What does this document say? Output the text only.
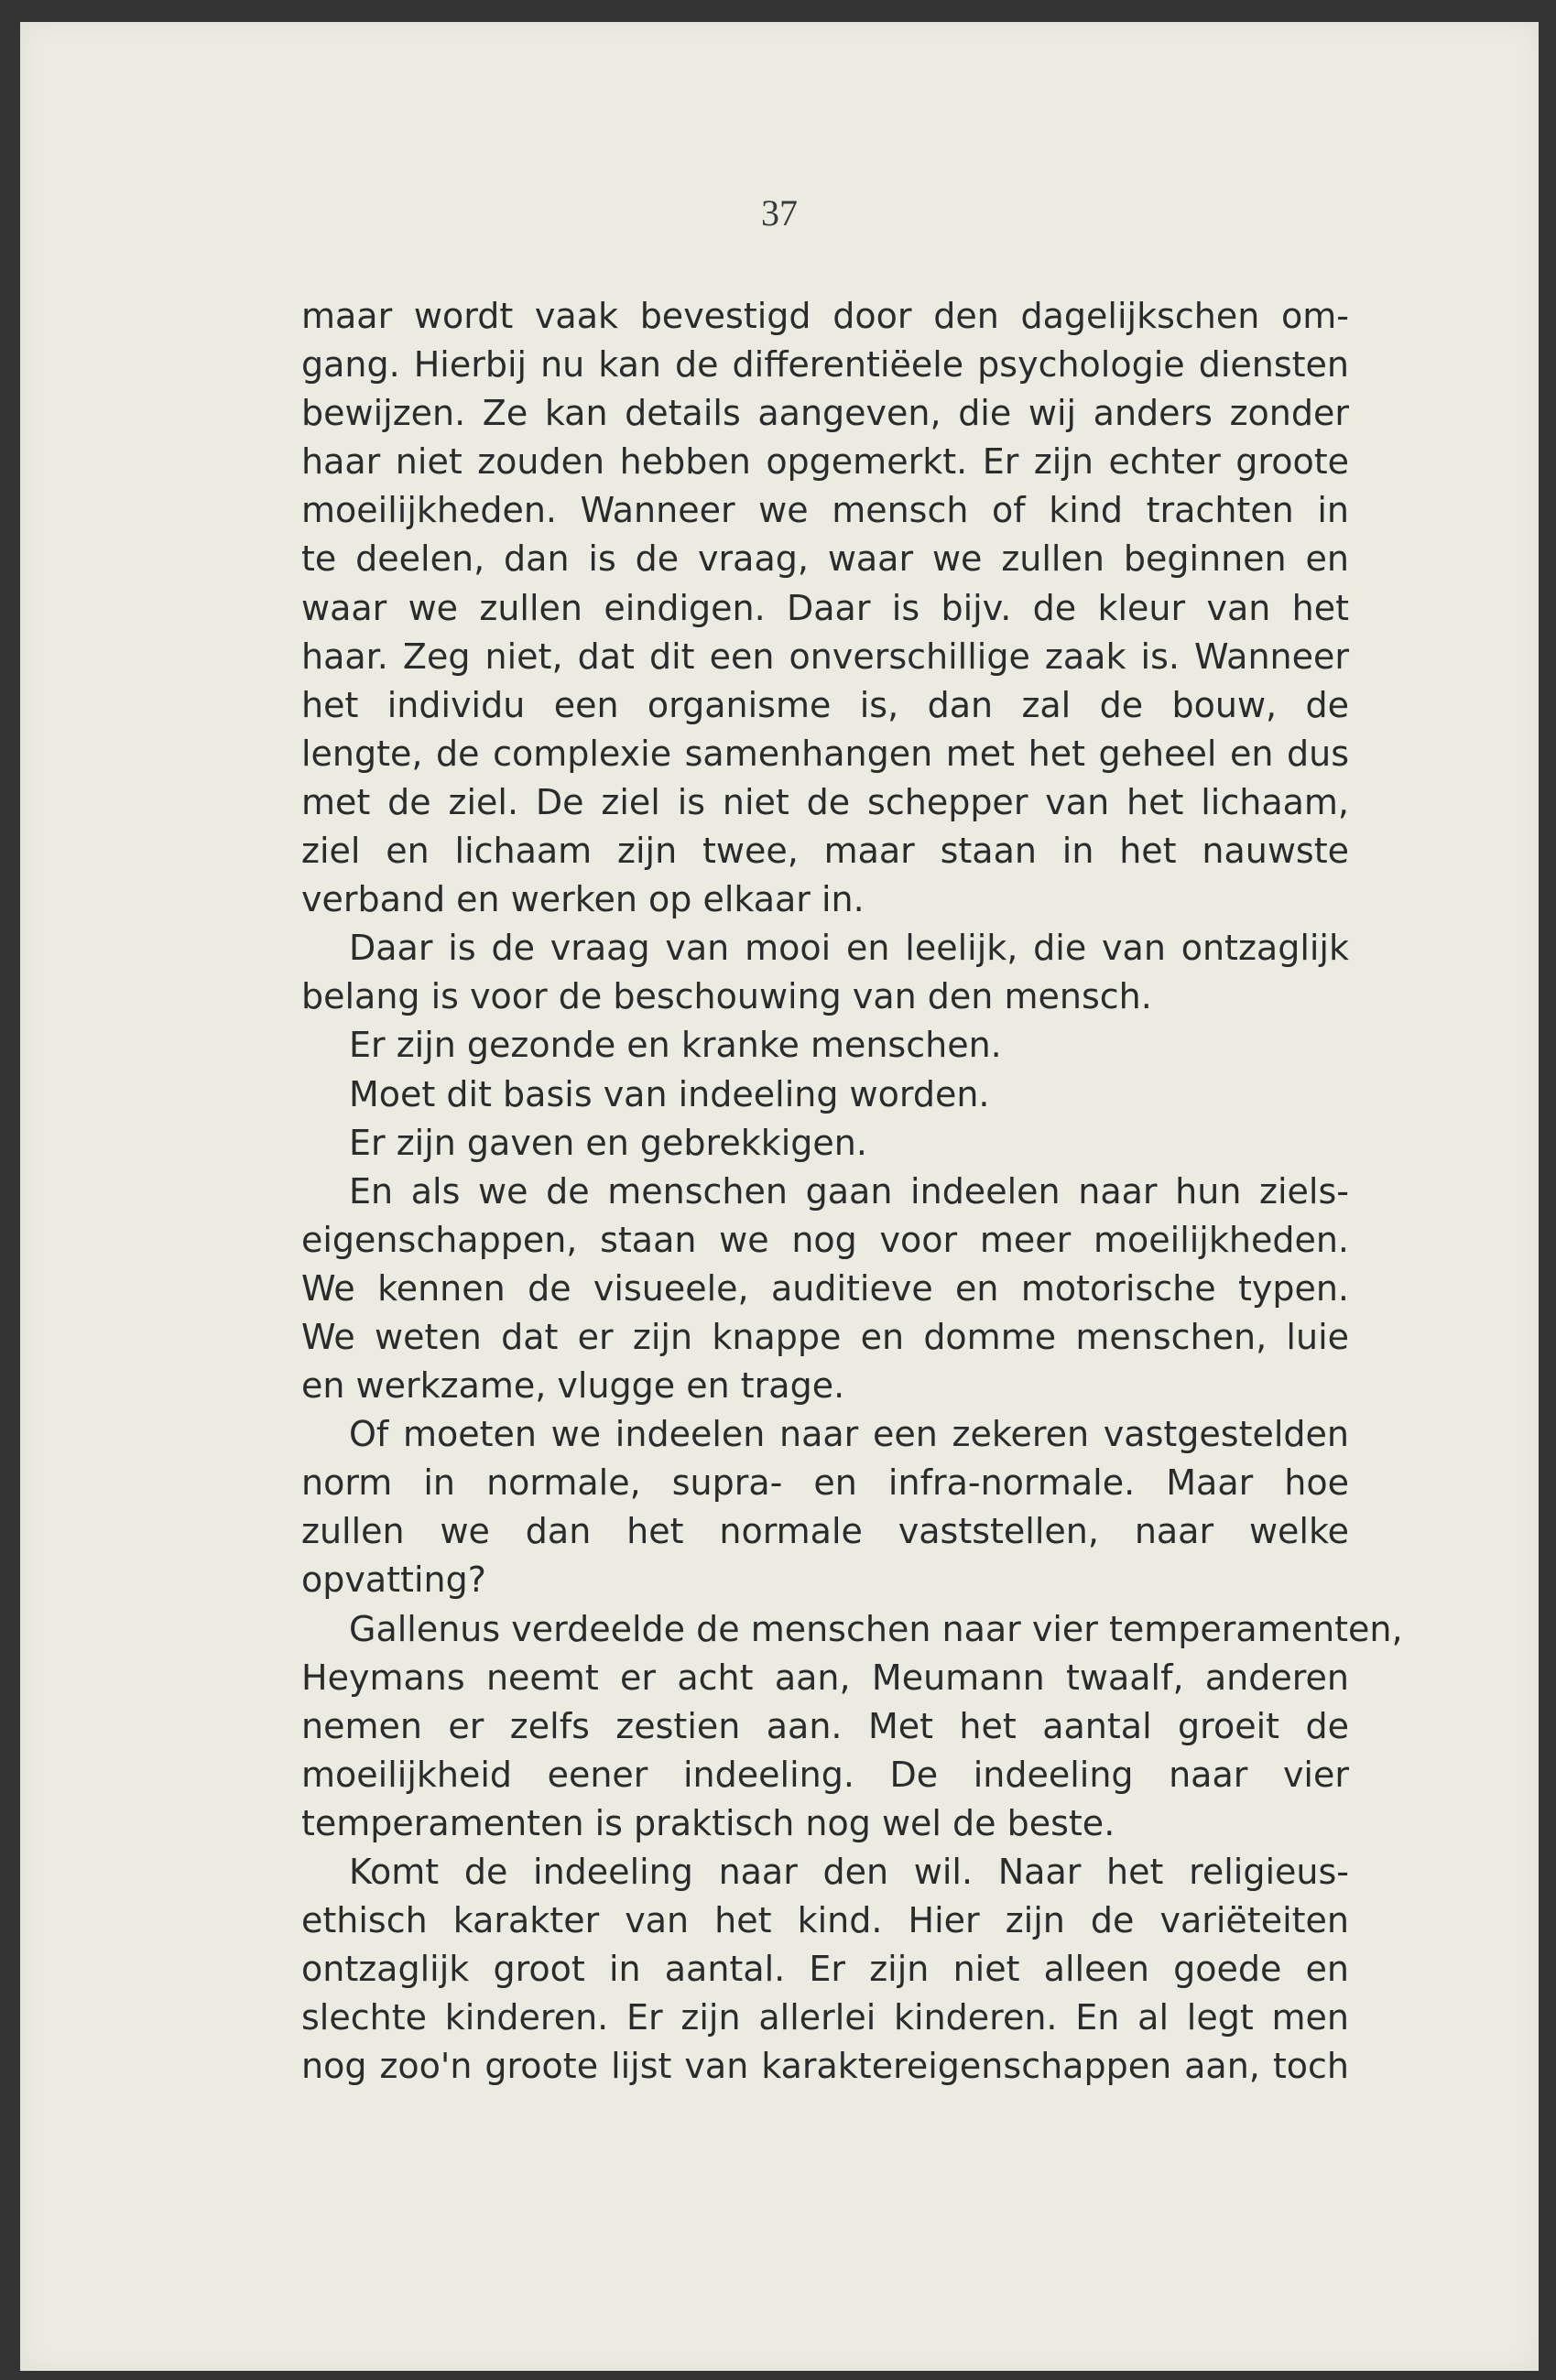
37
maar wordt vaak bevestigd door den dagelijkschen om-
gang. Hierbij nu kan de differentiëele psychologie diensten
bewijzen. Ze kan details aangeven, die wij anders zonder
haar niet zouden hebben opgemerkt. Er zijn echter groote
moeilijkheden. Wanneer we mensch of kind trachten in
te deelen, dan is de vraag, waar we zullen beginnen en
waar we zullen eindigen. Daar is bijv. de kleur van het
haar. Zeg niet, dat dit een onverschillige zaak is. Wanneer
het individu een organisme is, dan zal de bouw, de
lengte, de complexie samenhangen met het geheel en dus
met de ziel. De ziel is niet de schepper van het lichaam,
ziel en lichaam zijn twee, maar staan in het nauwste
verband en werken op elkaar in.
Daar is de vraag van mooi en leelijk, die van ontzaglijk
belang is voor de beschouwing van den mensch.
Er zijn gezonde en kranke menschen.
Moet dit basis van indeeling worden.
Er zijn gaven en gebrekkigen.
En als we de menschen gaan indeelen naar hun ziels-
eigenschappen, staan we nog voor meer moeilijkheden.
We kennen de visueele, auditieve en motorische typen.
We weten dat er zijn knappe en domme menschen, luie
en werkzame, vlugge en trage.
Of moeten we indeelen naar een zekeren vastgestelden
norm in normale, supra- en infra-normale. Maar hoe
zullen we dan het normale vaststellen, naar welke
opvatting?
Gallenus verdeelde de menschen naar vier temperamenten,
Heymans neemt er acht aan, Meumann twaalf, anderen
nemen er zelfs zestien aan. Met het aantal groeit de
moeilijkheid eener indeeling. De indeeling naar vier
temperamenten is praktisch nog wel de beste.
Komt de indeeling naar den wil. Naar het religieus-
ethisch karakter van het kind. Hier zijn de variëteiten
ontzaglijk groot in aantal. Er zijn niet alleen goede en
slechte kinderen. Er zijn allerlei kinderen. En al legt men
nog zoo'n groote lijst van karaktereigenschappen aan, toch
